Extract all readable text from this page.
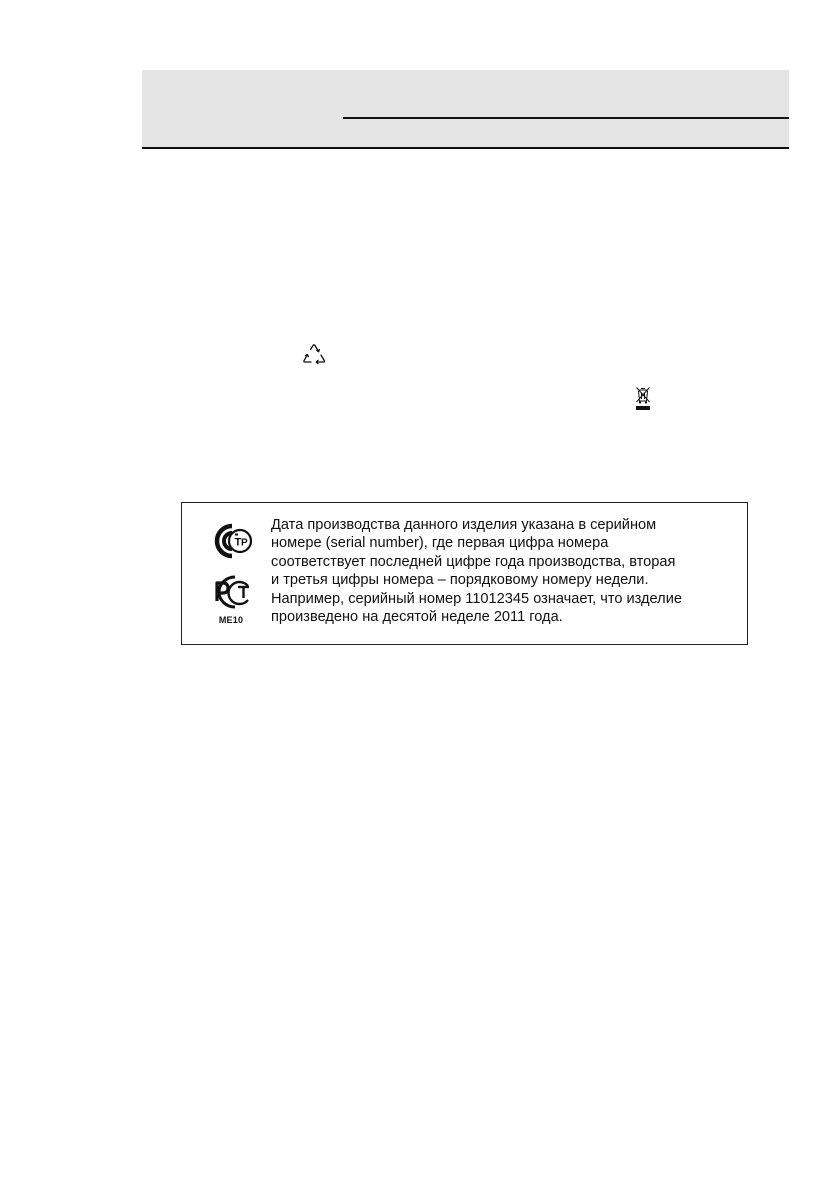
T P
ME10

Дата производства данного изделия указана в серийном
номере (serial number), где первая цифра номера
соответствует последней цифре года производства, вторая
и третья цифры номера – порядковому номеру недели.
Например, серийный номер 11012345 означает, что изделие
произведено на десятой неделе 2011 года.
